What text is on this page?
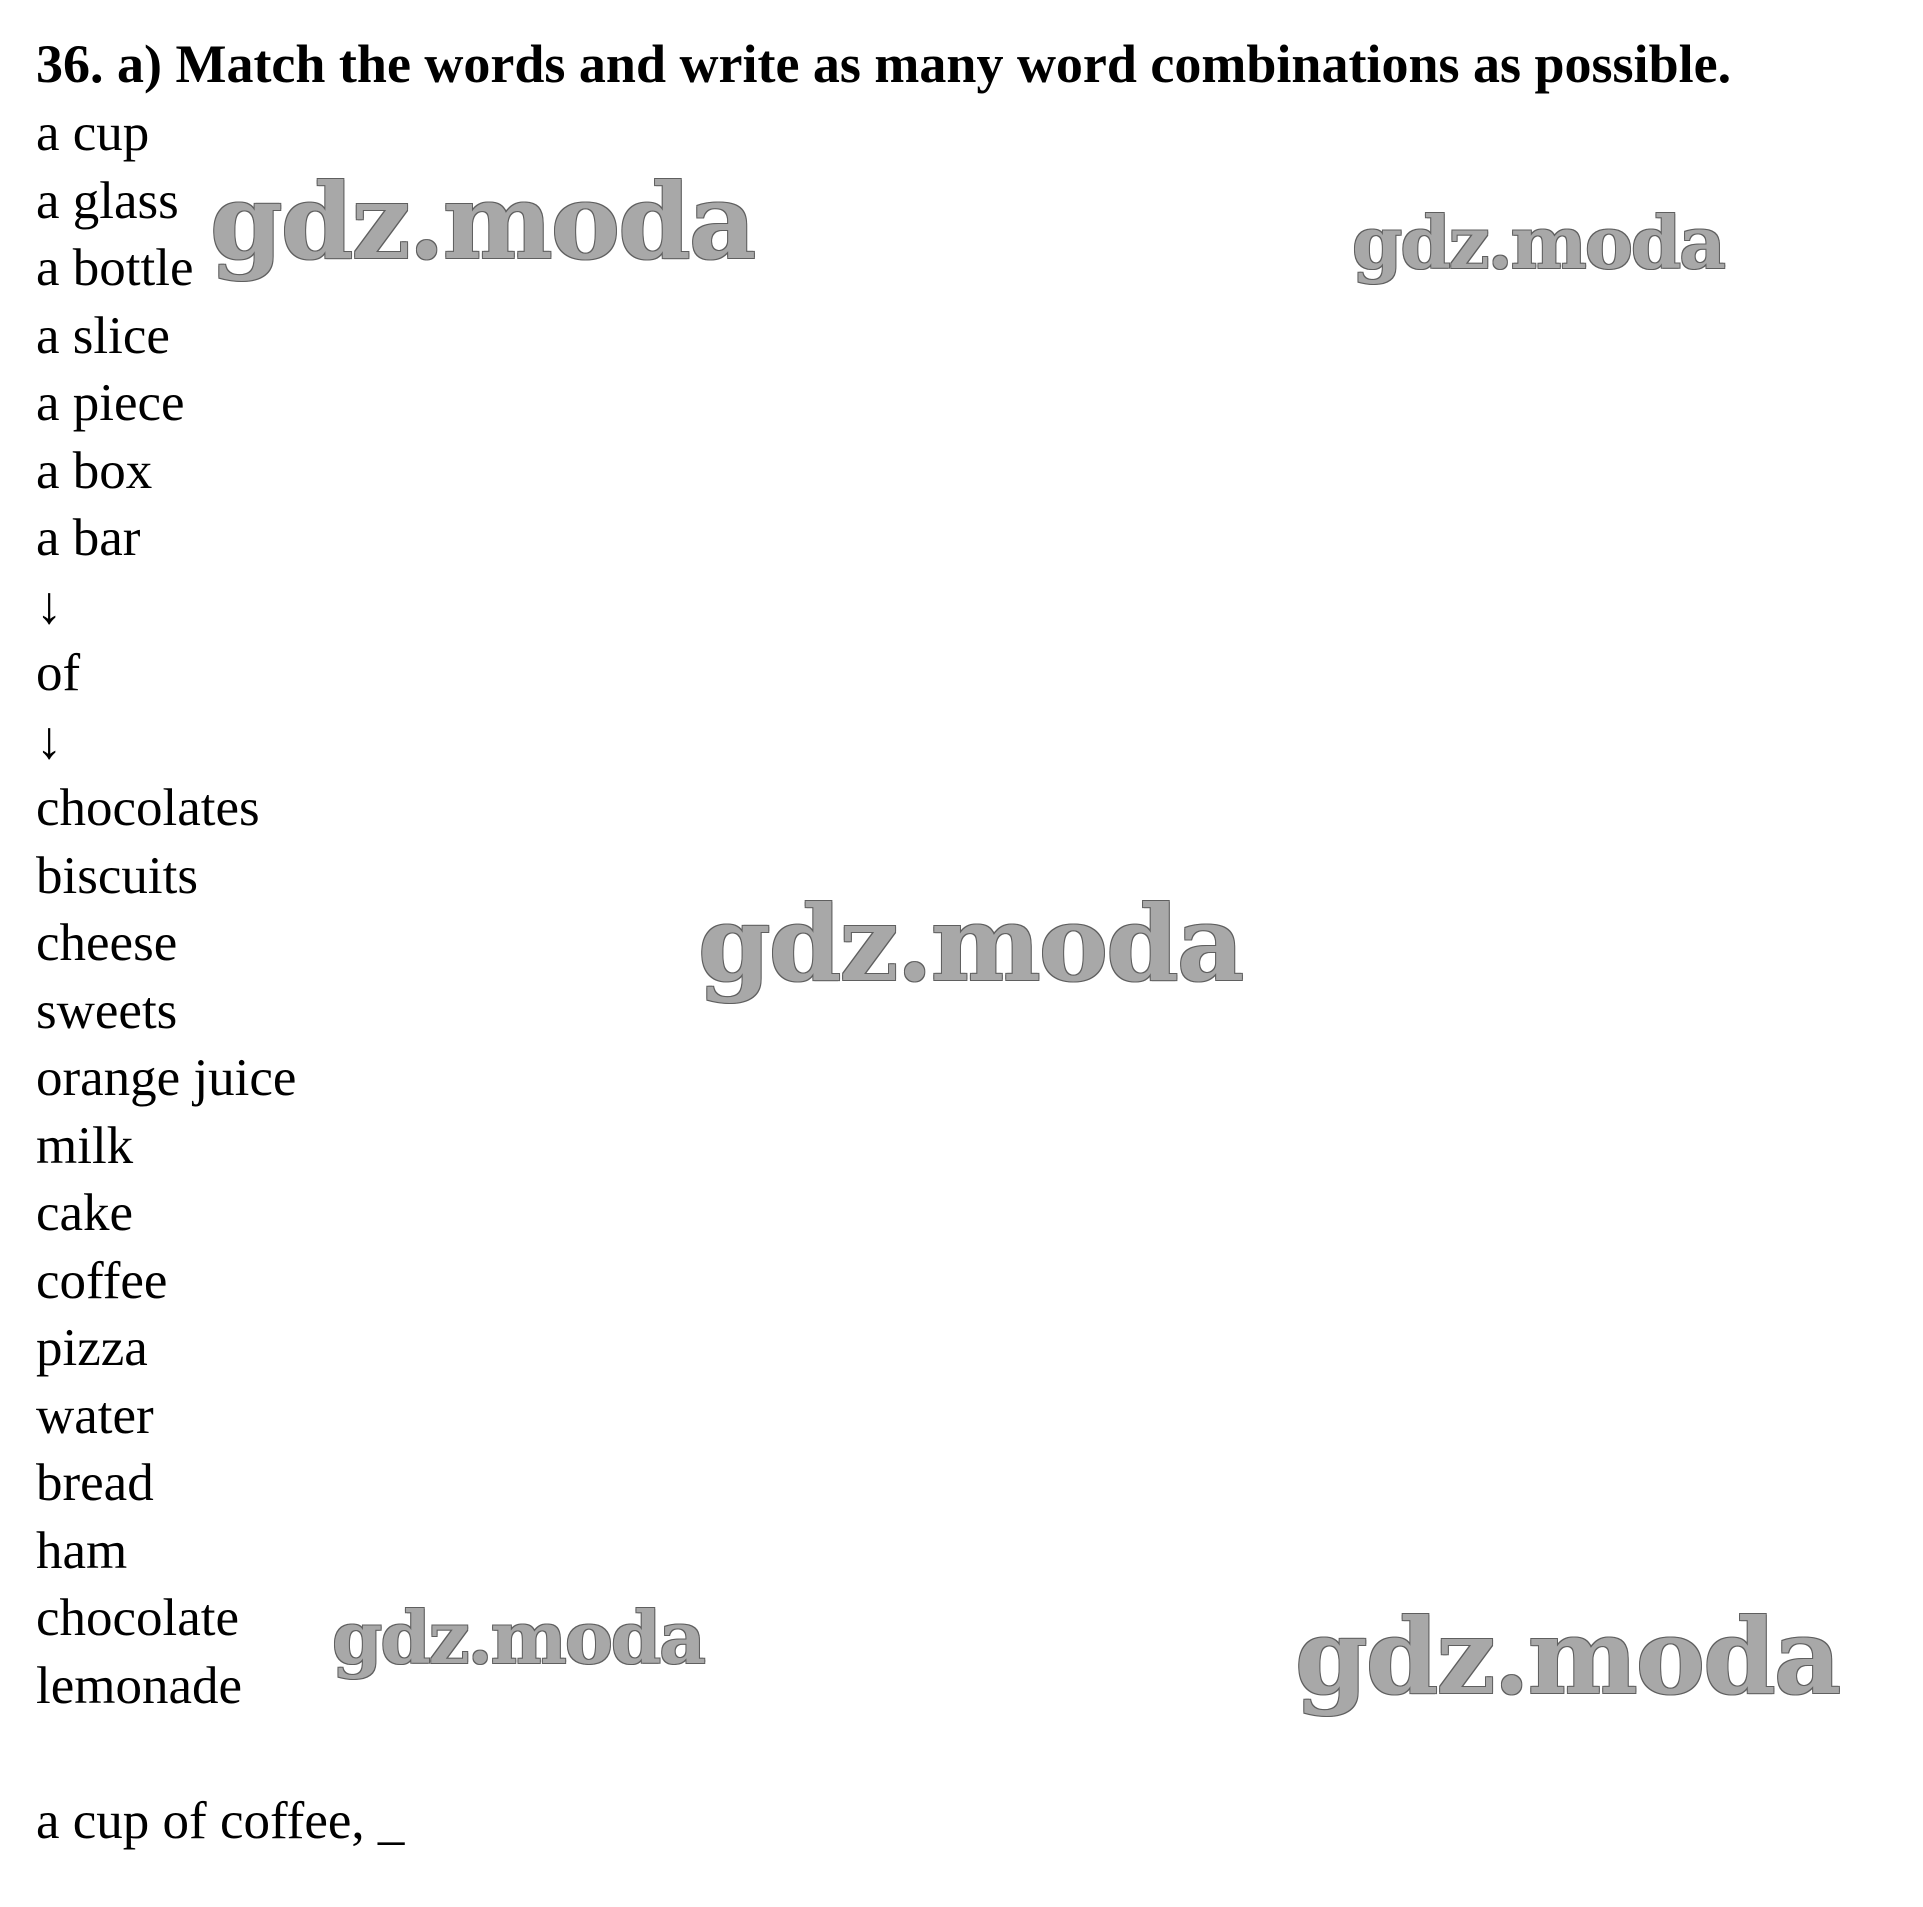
36. a) Match the words and write as many word combinations as possible.
a cup
a glass
a bottle
a slice
a piece
a box
a bar
↓
of
↓
chocolates
biscuits
cheese
sweets
orange juice
milk
cake
coffee
pizza
water
bread
ham
chocolate
lemonade
a cup of coffee, _
gdz.moda	gdz.moda
gdz.moda
gdz.moda	gdz.moda
